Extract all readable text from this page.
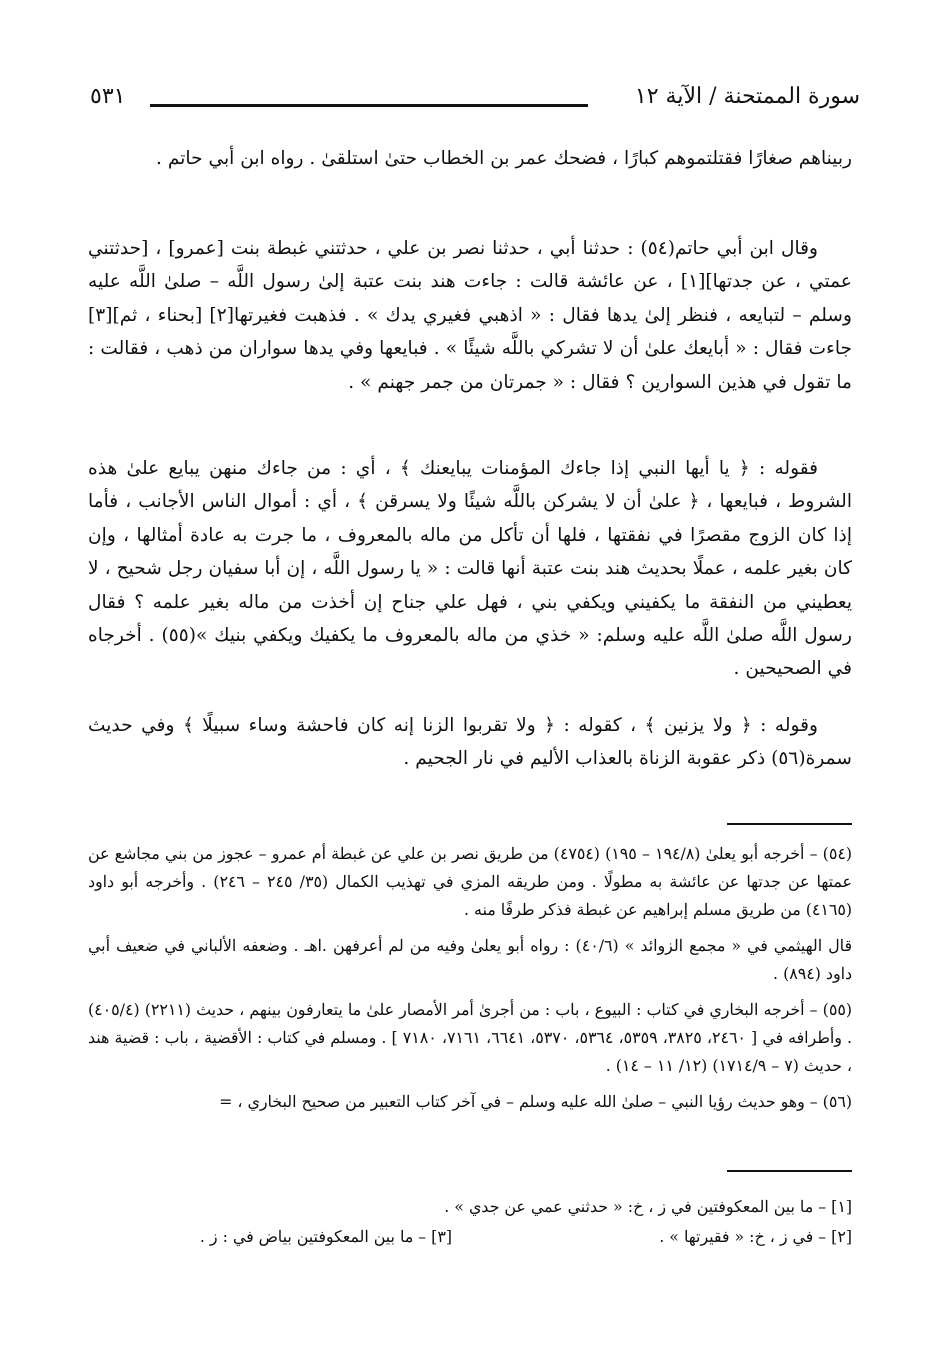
سورة الممتحنة / الآية ١٢
٥٣١

ربيناهم صغارًا فقتلتموهم كبارًا ، فضحك عمر بن الخطاب حتىٰ استلقىٰ . رواه ابن أبي حاتم .

وقال ابن أبي حاتم(٥٤) : حدثنا أبي ، حدثنا نصر بن علي ، حدثتني غبطة بنت [عمرو] ، [حدثتني عمتي ، عن جدتها][١] ، عن عائشة قالت : جاءت هند بنت عتبة إلىٰ رسول اللَّه – صلىٰ اللَّه عليه وسلم – لتبايعه ، فنظر إلىٰ يدها فقال : « اذهبي فغيري يدك » . فذهبت فغيرتها[٢] [بحناء ، ثم][٣] جاءت فقال : « أبايعك علىٰ أن لا تشركي باللَّه شيئًا » . فبايعها وفي يدها سواران من ذهب ، فقالت : ما تقول في هذين السوارين ؟ فقال : « جمرتان من جمر جهنم » .

فقوله : ﴿ يا أيها النبي إذا جاءك المؤمنات يبايعنك ﴾ ، أي : من جاءك منهن يبايع علىٰ هذه الشروط ، فبايعها ، ﴿ علىٰ أن لا يشركن باللَّه شيئًا ولا يسرقن ﴾ ، أي : أموال الناس الأجانب ، فأما إذا كان الزوج مقصرًا في نفقتها ، فلها أن تأكل من ماله بالمعروف ، ما جرت به عادة أمثالها ، وإن كان بغير علمه ، عملًا بحديث هند بنت عتبة أنها قالت : « يا رسول اللَّه ، إن أبا سفيان رجل شحيح ، لا يعطيني من النفقة ما يكفيني ويكفي بني ، فهل علي جناح إن أخذت من ماله بغير علمه ؟ فقال رسول اللَّه صلىٰ اللَّه عليه وسلم: « خذي من ماله بالمعروف ما يكفيك ويكفي بنيك »(٥٥) . أخرجاه في الصحيحين .

وقوله : ﴿ ولا يزنين ﴾ ، كقوله : ﴿ ولا تقربوا الزنا إنه كان فاحشة وساء سبيلًا ﴾ وفي حديث سمرة(٥٦) ذكر عقوبة الزناة بالعذاب الأليم في نار الجحيم .

(٥٤) – أخرجه أبو يعلىٰ (١٩٤/٨ – ١٩٥) (٤٧٥٤) من طريق نصر بن علي عن غبطة أم عمرو – عجوز من بني مجاشع عن عمتها عن جدتها عن عائشة به مطولًا . ومن طريقه المزي في تهذيب الكمال (٣٥/ ٢٤٥ – ٢٤٦) . وأخرجه أبو داود (٤١٦٥) من طريق مسلم إبراهيم عن غبطة فذكر طرفًا منه .

قال الهيثمي في « مجمع الزوائد » (٤٠/٦) : رواه أبو يعلىٰ وفيه من لم أعرفهن .اهـ . وضعفه الألباني في ضعيف أبي داود (٨٩٤) .

(٥٥) – أخرجه البخاري في كتاب : البيوع ، باب : من أجرىٰ أمر الأمصار علىٰ ما يتعارفون بينهم ، حديث (٢٢١١) (٤٠٥/٤) . وأطرافه في [ ٢٤٦٠، ٣٨٢٥، ٥٣٥٩، ٥٣٦٤، ٥٣٧٠، ٦٦٤١، ٧١٦١، ٧١٨٠ ] . ومسلم في كتاب : الأقضية ، باب : قضية هند ، حديث (٧ – ١٧١٤/٩) (١٢/ ١١ – ١٤) .

(٥٦) – وهو حديث رؤيا النبي – صلىٰ الله عليه وسلم – في آخر كتاب التعبير من صحيح البخاري ، =

[١] – ما بين المعكوفتين في ز ، خ: « حدثني عمي عن جدي » .
[٢] – في ز ، خ: « فقيرتها » .
[٣] – ما بين المعكوفتين بياض في : ز .
